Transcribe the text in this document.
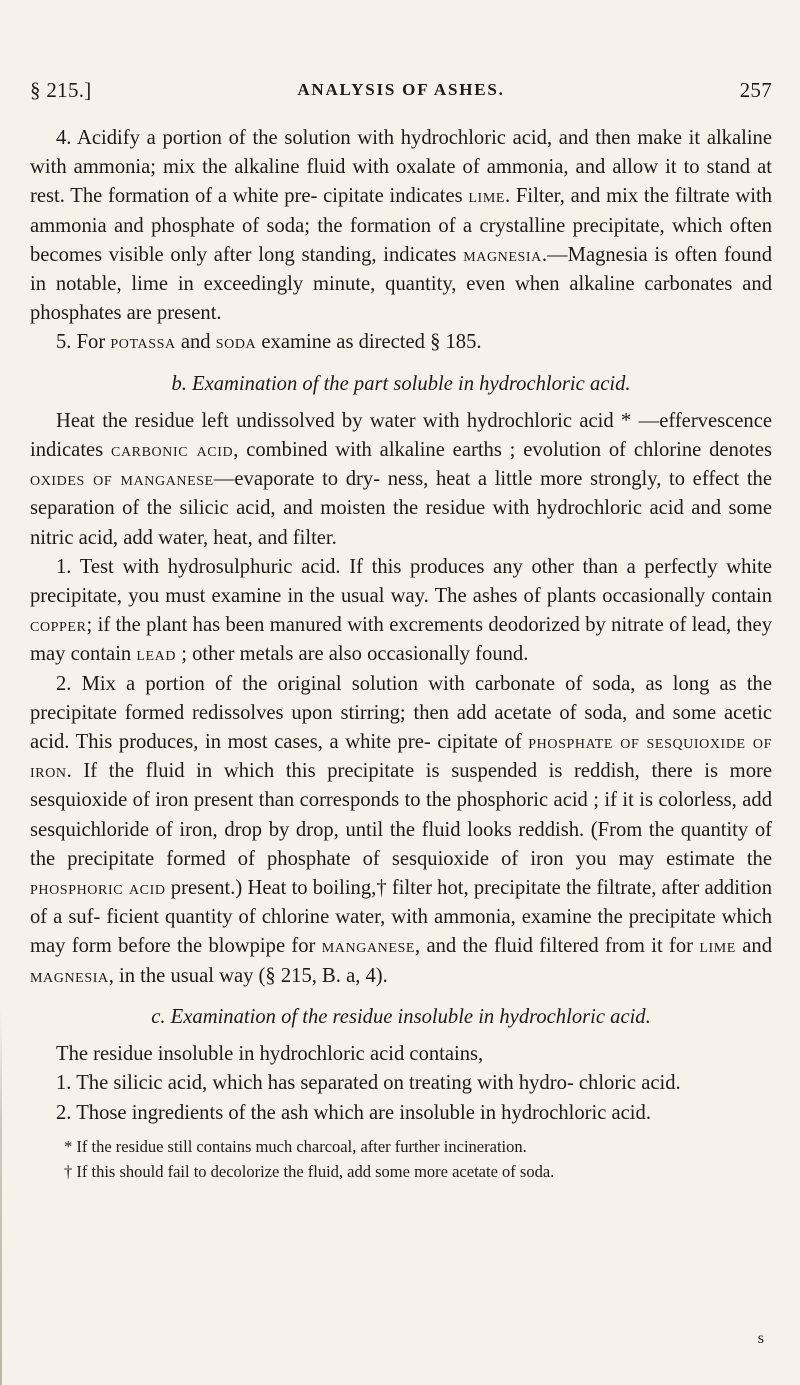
§ 215.]	ANALYSIS OF ASHES.	257

4. Acidify a portion of the solution with hydrochloric acid, and then make it alkaline with ammonia; mix the alkaline fluid with oxalate of ammonia, and allow it to stand at rest. The formation of a white pre- cipitate indicates lime. Filter, and mix the filtrate with ammonia and phosphate of soda; the formation of a crystalline precipitate, which often becomes visible only after long standing, indicates magnesia.—Magnesia is often found in notable, lime in exceedingly minute, quantity, even when alkaline carbonates and phosphates are present.

5. For potassa and soda examine as directed § 185.

b. Examination of the part soluble in hydrochloric acid.

Heat the residue left undissolved by water with hydrochloric acid * —effervescence indicates carbonic acid, combined with alkaline earths ; evolution of chlorine denotes oxides of manganese—evaporate to dry- ness, heat a little more strongly, to effect the separation of the silicic acid, and moisten the residue with hydrochloric acid and some nitric acid, add water, heat, and filter.

1. Test with hydrosulphuric acid. If this produces any other than a perfectly white precipitate, you must examine in the usual way. The ashes of plants occasionally contain copper; if the plant has been manured with excrements deodorized by nitrate of lead, they may contain lead ; other metals are also occasionally found.

2. Mix a portion of the original solution with carbonate of soda, as long as the precipitate formed redissolves upon stirring; then add acetate of soda, and some acetic acid. This produces, in most cases, a white pre- cipitate of phosphate of sesquioxide of iron. If the fluid in which this precipitate is suspended is reddish, there is more sesquioxide of iron present than corresponds to the phosphoric acid ; if it is colorless, add sesquichloride of iron, drop by drop, until the fluid looks reddish. (From the quantity of the precipitate formed of phosphate of sesquioxide of iron you may estimate the phosphoric acid present.) Heat to boiling,† filter hot, precipitate the filtrate, after addition of a suf- ficient quantity of chlorine water, with ammonia, examine the precipitate which may form before the blowpipe for manganese, and the fluid filtered from it for lime and magnesia, in the usual way (§ 215, B. a, 4).

c. Examination of the residue insoluble in hydrochloric acid.

The residue insoluble in hydrochloric acid contains,

1. The silicic acid, which has separated on treating with hydro- chloric acid.

2. Those ingredients of the ash which are insoluble in hydrochloric acid.

* If the residue still contains much charcoal, after further incineration.

† If this should fail to decolorize the fluid, add some more acetate of soda.

s
